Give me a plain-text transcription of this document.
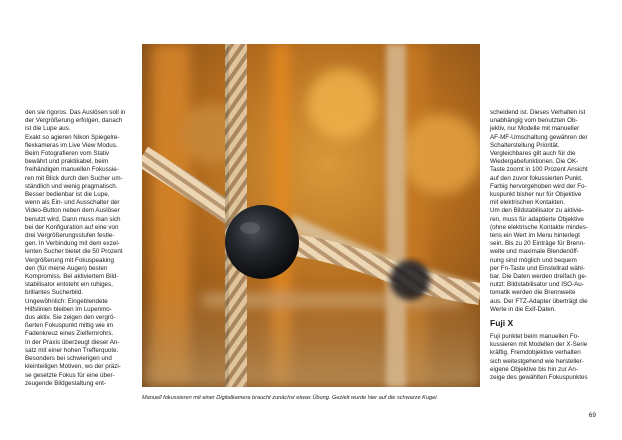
den sie rigoros. Das Auslösen soll in
der Vergrößerung erfolgen, danach
ist die Lupe aus.
Exakt so agieren Nikon Spiegelre-
flexkameras im Live View Modus.
Beim Fotografieren vom Stativ
bewährt und praktikabel, beim
freihändigen manuellen Fokussie-
ren mit Blick durch den Sucher um-
ständlich und wenig pragmatisch.
Besser bedienbar ist die Lupe,
wenn als Ein- und Ausschalter der
Video-Button neben dem Auslöser
benutzt wird. Dann muss man sich
bei der Konfiguration auf eine von
drei Vergrößerungsstufen festle-
gen. In Verbindung mit dem exzel-
lenten Sucher bietet die 50 Prozent
Vergrößerung mit Fokuspeaking
den (für meine Augen) besten
Kompromiss. Bei aktiviertem Bild-
stabilisator entsteht ein ruhiges,
brillantes Sucherbild.
Ungewöhnlich: Eingeblendete
Hilfslinien bleiben im Lupenmo-
dus aktiv. Sie zeigen den vergrö-
ßerten Fokuspunkt mittig wie im
Fadenkreuz eines Zielfernrohrs.
In der Praxis überzeugt dieser An-
satz mit einer hohen Trefferquote.
Besonders bei schwierigen und
kleinteiligen Motiven, wo der präzi-
se gesetzte Fokus für eine über-
zeugende Bildgestaltung ent-
scheidend ist. Dieses Verhalten ist
unabhängig vom benutzten Ob-
jektiv, nur Modelle mit manueller
AF-MF-Umschaltung gewähren der
Schalterstellung Priorität.
Vergleichbares gilt auch für die
Wiedergabefunktionen. Die OK-
Taste zoomt in 100 Prozent Ansicht
auf den zuvor fokussierten Punkt.
Farbig hervorgehoben wird der Fo-
kuspunkt bisher nur für Objektive
mit elektrischen Kontakten.
Um den Bildstabilisator zu aktivie-
ren, muss für adaptierte Objektive
(ohne elektrische Kontakte mindes-
tens ein Wert im Menu hinterlegt
sein. Bis zu 20 Einträge für Brenn-
weite und maximale Blendenöff-
nung sind möglich und bequem
per Fn-Taste und Einstellrad wähl-
bar. Die Daten werden dreifach ge-
nutzt: Bildstabilisator und ISO-Au-
tomatik werden die Brennweite
aus. Der FTZ-Adapter überträgt die
Werte in die Exif-Daten.
Fuji X
Fuji punktet beim manuellen Fo-
kussieren mit Modellen der X-Serie
kräftig. Fremdobjektive verhalten
sich weitestgehend wie hersteller-
eigene Objektive bis hin zur An-
zeige des gewählten Fokuspunktes
Manuell fokussieren mit einer Digitalkamera braucht zunächst etwas Übung. Gezielt wurde hier auf die schwarze Kugel.
69
